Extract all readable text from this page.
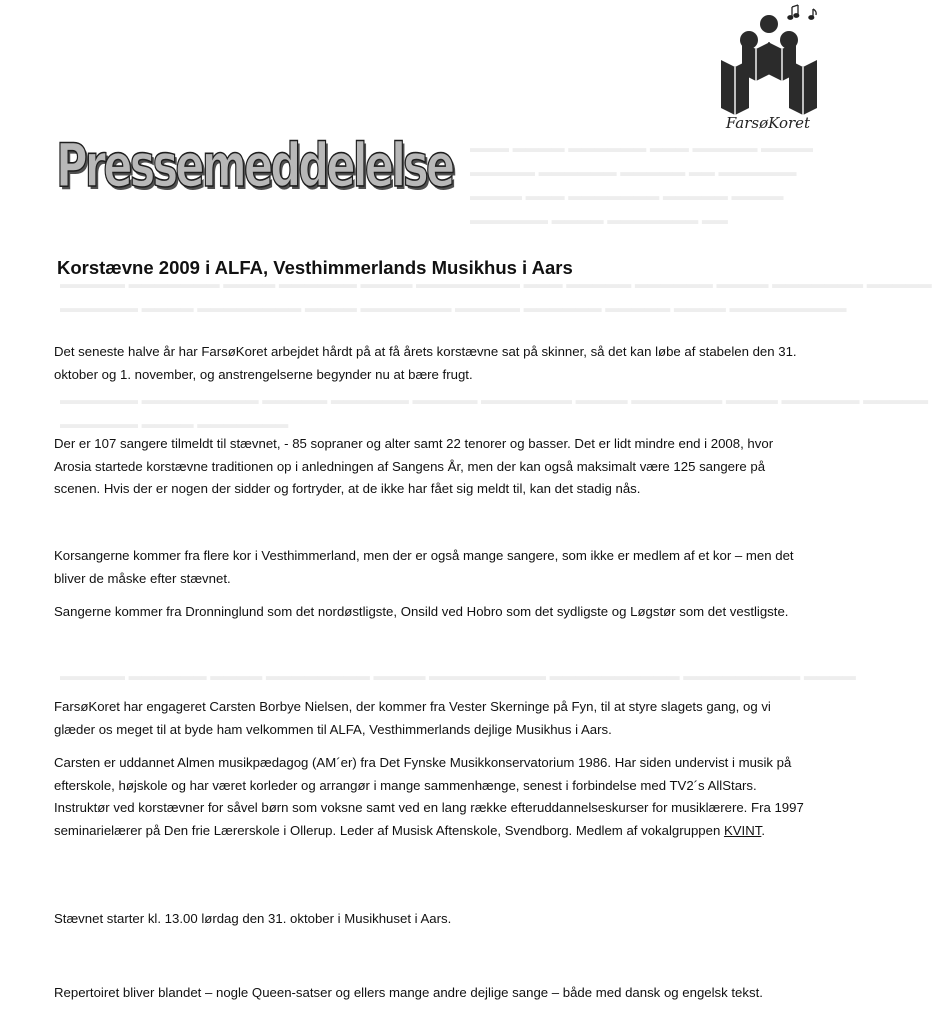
▬▬▬ ▬▬▬▬ ▬▬▬▬▬▬ ▬▬▬ ▬▬▬▬▬ ▬▬▬▬
▬▬▬▬▬ ▬▬▬▬▬▬ ▬▬▬▬▬ ▬▬ ▬▬▬▬▬▬
▬▬▬▬ ▬▬▬ ▬▬▬▬▬▬▬ ▬▬▬▬▬ ▬▬▬▬
▬▬▬▬▬▬ ▬▬▬▬ ▬▬▬▬▬▬▬ ▬▬
▬▬▬▬▬ ▬▬▬▬▬▬▬ ▬▬▬▬ ▬▬▬▬▬▬ ▬▬▬▬ ▬▬▬▬▬▬▬▬ ▬▬▬ ▬▬▬▬▬ ▬▬▬▬▬▬ ▬▬▬▬ ▬▬▬▬▬▬▬ ▬▬▬▬▬
▬▬▬▬▬▬ ▬▬▬▬ ▬▬▬▬▬▬▬▬ ▬▬▬▬ ▬▬▬▬▬▬▬ ▬▬▬▬▬ ▬▬▬▬▬▬ ▬▬▬▬▬ ▬▬▬▬ ▬▬▬▬▬▬▬▬▬
▬▬▬▬▬▬ ▬▬▬▬▬▬▬▬▬ ▬▬▬▬▬ ▬▬▬▬▬▬ ▬▬▬▬▬ ▬▬▬▬▬▬▬ ▬▬▬▬ ▬▬▬▬▬▬▬ ▬▬▬▬ ▬▬▬▬▬▬ ▬▬▬▬▬
▬▬▬▬▬▬ ▬▬▬▬ ▬▬▬▬▬▬▬
▬▬▬▬▬ ▬▬▬▬▬▬ ▬▬▬▬ ▬▬▬▬▬▬▬▬ ▬▬▬▬ ▬▬▬▬▬▬▬▬▬ ▬▬▬▬▬▬▬▬▬▬ ▬▬▬▬▬▬▬▬▬ ▬▬▬▬
FarsøKoret
Pressemeddelelse
Korstævne 2009 i ALFA, Vesthimmerlands Musikhus i Aars
Det seneste halve år har FarsøKoret arbejdet hårdt på at få årets korstævne sat på skinner, så det kan løbe af stabelen den 31. oktober og 1. november, og anstrengelserne begynder nu at bære frugt.
Der er 107 sangere tilmeldt til stævnet, - 85 sopraner og alter samt 22 tenorer og basser. Det er lidt mindre end i 2008, hvor Arosia startede korstævne traditionen op i anledningen af Sangens År, men der kan også maksimalt være 125 sangere på scenen. Hvis der er nogen der sidder og fortryder, at de ikke har fået sig meldt til, kan det stadig nås.
Korsangerne kommer fra flere kor i Vesthimmerland, men der er også mange sangere, som ikke er medlem af et kor – men det bliver de måske efter stævnet.
Sangerne kommer fra Dronninglund som det nordøstligste, Onsild ved Hobro som det sydligste og Løgstør som det vestligste.
FarsøKoret har engageret Carsten Borbye Nielsen, der kommer fra Vester Skerninge på Fyn, til at styre slagets gang, og vi glæder os meget til at byde ham velkommen til ALFA, Vesthimmerlands dejlige Musikhus i Aars.
Carsten er uddannet Almen musikpædagog (AM´er) fra Det Fynske Musikkonservatorium 1986. Har siden undervist i musik på efterskole, højskole og har været korleder og arrangør i mange sammenhænge, senest i forbindelse med TV2´s AllStars. Instruktør ved korstævner for såvel børn som voksne samt ved en lang række efteruddannelseskurser for musiklærere. Fra 1997 seminarielærer på Den frie Lærerskole i Ollerup. Leder af Musisk Aftenskole, Svendborg. Medlem af vokalgruppen KVINT.
Stævnet starter kl. 13.00 lørdag den 31. oktober i Musikhuset i Aars.
Repertoiret bliver blandet – nogle Queen-satser og ellers mange andre dejlige sange – både med dansk og engelsk tekst.
